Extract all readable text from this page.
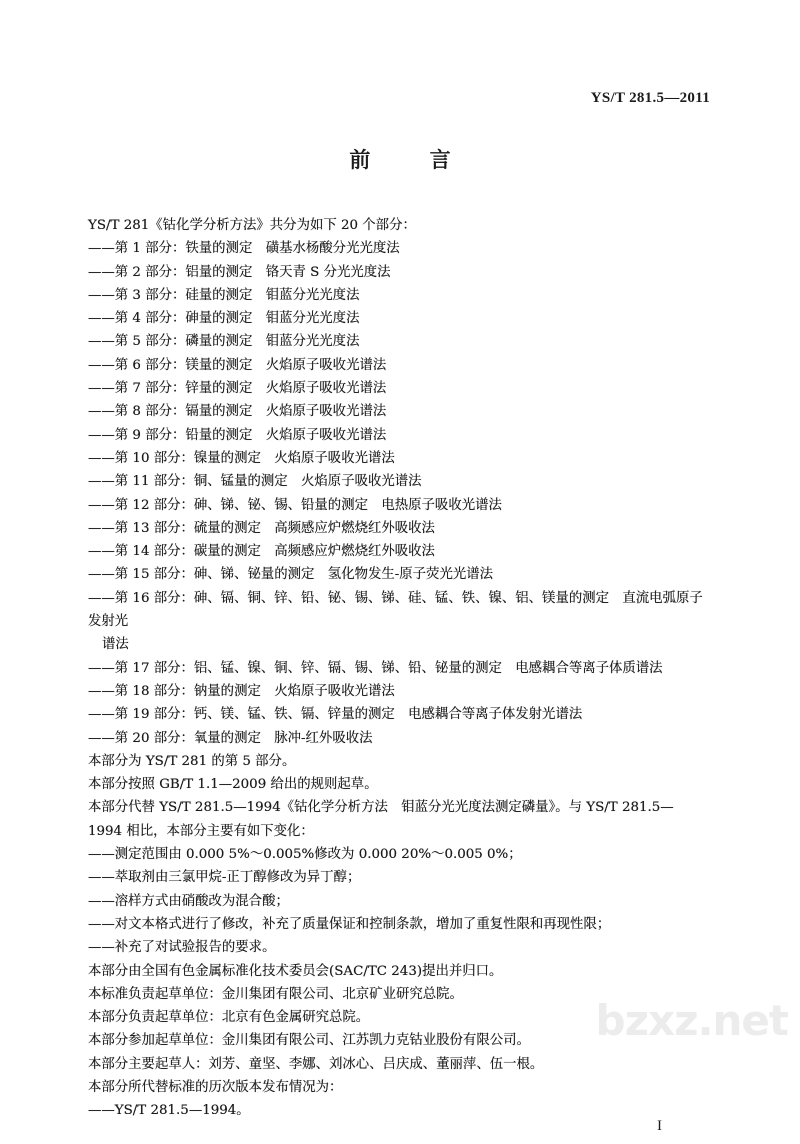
YS/T 281.5—2011
前 言
YS/T 281《钴化学分析方法》共分为如下 20 个部分：
——第 1 部分：铁量的测定　磺基水杨酸分光光度法
——第 2 部分：铝量的测定　铬天青 S 分光光度法
——第 3 部分：硅量的测定　钼蓝分光光度法
——第 4 部分：砷量的测定　钼蓝分光光度法
——第 5 部分：磷量的测定　钼蓝分光光度法
——第 6 部分：镁量的测定　火焰原子吸收光谱法
——第 7 部分：锌量的测定　火焰原子吸收光谱法
——第 8 部分：镉量的测定　火焰原子吸收光谱法
——第 9 部分：铅量的测定　火焰原子吸收光谱法
——第 10 部分：镍量的测定　火焰原子吸收光谱法
——第 11 部分：铜、锰量的测定　火焰原子吸收光谱法
——第 12 部分：砷、锑、铋、锡、铅量的测定　电热原子吸收光谱法
——第 13 部分：硫量的测定　高频感应炉燃烧红外吸收法
——第 14 部分：碳量的测定　高频感应炉燃烧红外吸收法
——第 15 部分：砷、锑、铋量的测定　氢化物发生-原子荧光光谱法
——第 16 部分：砷、镉、铜、锌、铅、铋、锡、锑、硅、锰、铁、镍、铝、镁量的测定　直流电弧原子发射光
谱法
——第 17 部分：铝、锰、镍、铜、锌、镉、锡、锑、铅、铋量的测定　电感耦合等离子体质谱法
——第 18 部分：钠量的测定　火焰原子吸收光谱法
——第 19 部分：钙、镁、锰、铁、镉、锌量的测定　电感耦合等离子体发射光谱法
——第 20 部分：氧量的测定　脉冲-红外吸收法
本部分为 YS/T 281 的第 5 部分。
本部分按照 GB/T 1.1—2009 给出的规则起草。
本部分代替 YS/T 281.5—1994《钴化学分析方法　钼蓝分光光度法测定磷量》。与 YS/T 281.5—
1994 相比，本部分主要有如下变化：
——测定范围由 0.000 5%～0.005%修改为 0.000 20%～0.005 0%；
——萃取剂由三氯甲烷-正丁醇修改为异丁醇；
——溶样方式由硝酸改为混合酸；
——对文本格式进行了修改，补充了质量保证和控制条款，增加了重复性限和再现性限；
——补充了对试验报告的要求。
本部分由全国有色金属标准化技术委员会(SAC/TC 243)提出并归口。
本标准负责起草单位：金川集团有限公司、北京矿业研究总院。
本部分负责起草单位：北京有色金属研究总院。
本部分参加起草单位：金川集团有限公司、江苏凯力克钴业股份有限公司。
本部分主要起草人：刘芳、童坚、李娜、刘冰心、吕庆成、董丽萍、伍一根。
本部分所代替标准的历次版本发布情况为：
——YS/T 281.5—1994。
I
bzxz.net
